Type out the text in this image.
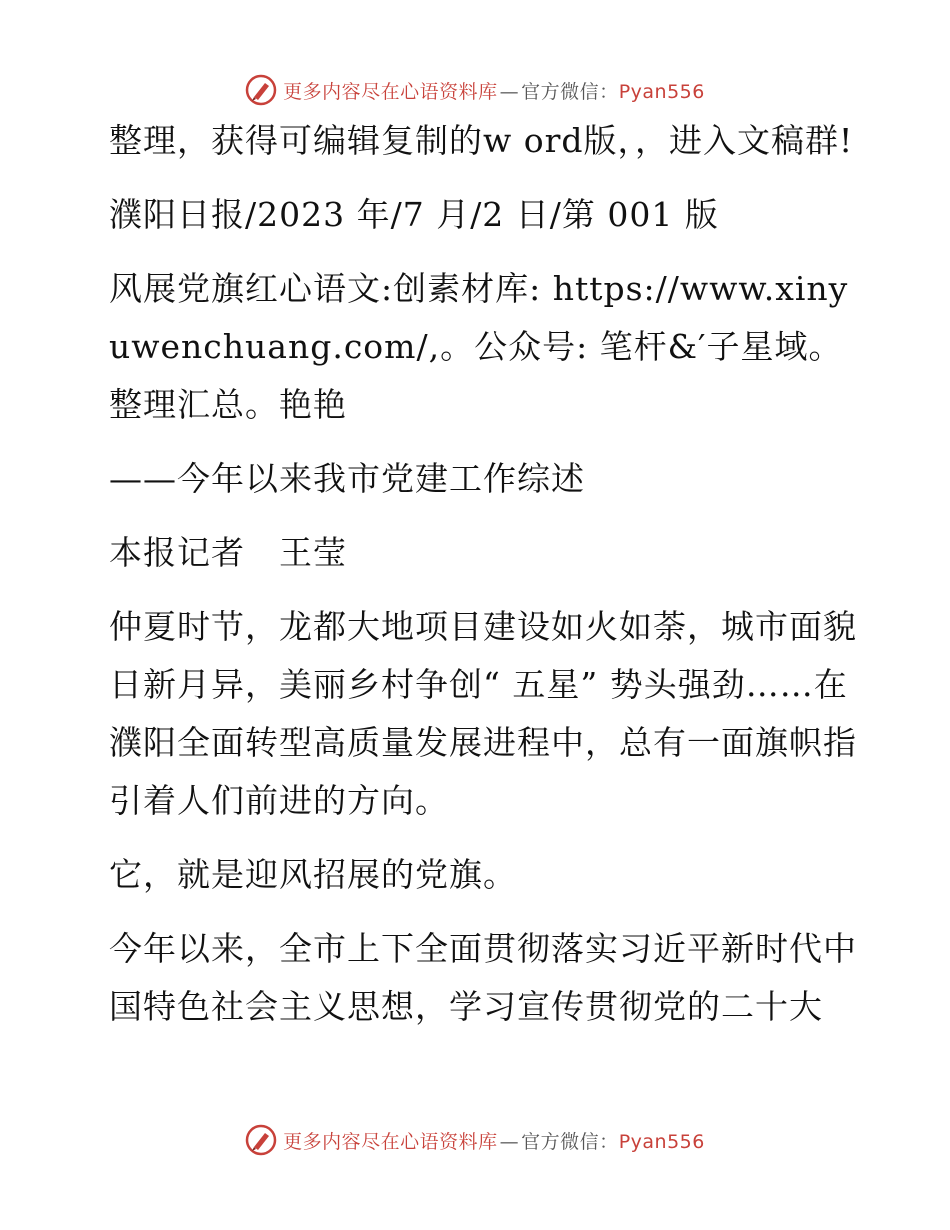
更多内容尽在心语资料库 — 官方微信：Pyan556

整理，获得可编辑复制的w ord版，，进入文稿群!

濮阳日报/2023 年/7 月/2 日/第 001 版

风展党旗红心语文:创素材库: https://www.xinyuwenchuang.com/,。公众号: 笔杆&′子星域。整理汇总。艳艳

——今年以来我市党建工作综述

本报记者　王莹

仲夏时节，龙都大地项目建设如火如荼，城市面貌日新月异，美丽乡村争创“ 五星” 势头强劲……在濮阳全面转型高质量发展进程中，总有一面旗帜指引着人们前进的方向。

它，就是迎风招展的党旗。

今年以来，全市上下全面贯彻落实习近平新时代中国特色社会主义思想，学习宣传贯彻党的二十大

更多内容尽在心语资料库 — 官方微信：Pyan556
